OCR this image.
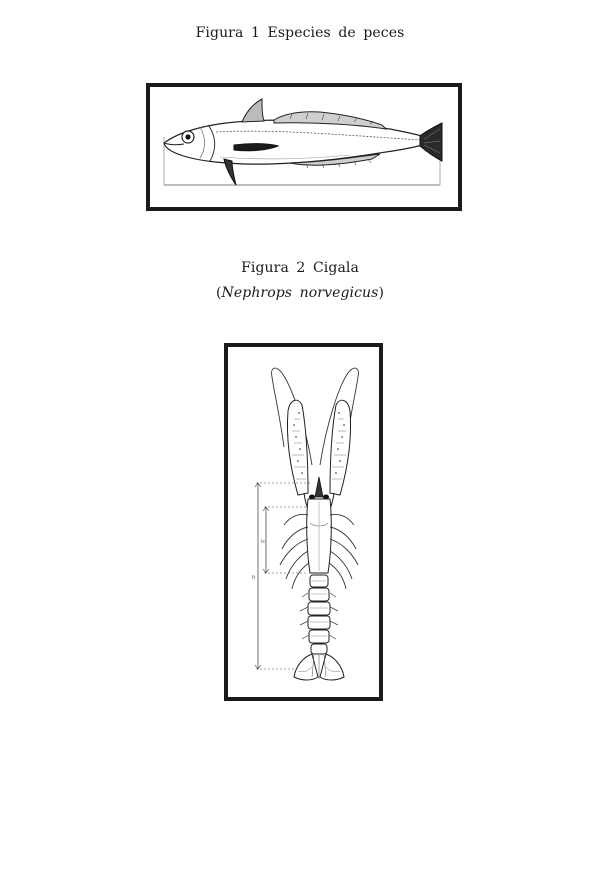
Figura 1 Especies de peces
Figura 2 Cigala
(Nephrops norvegicus)
lc
lt
